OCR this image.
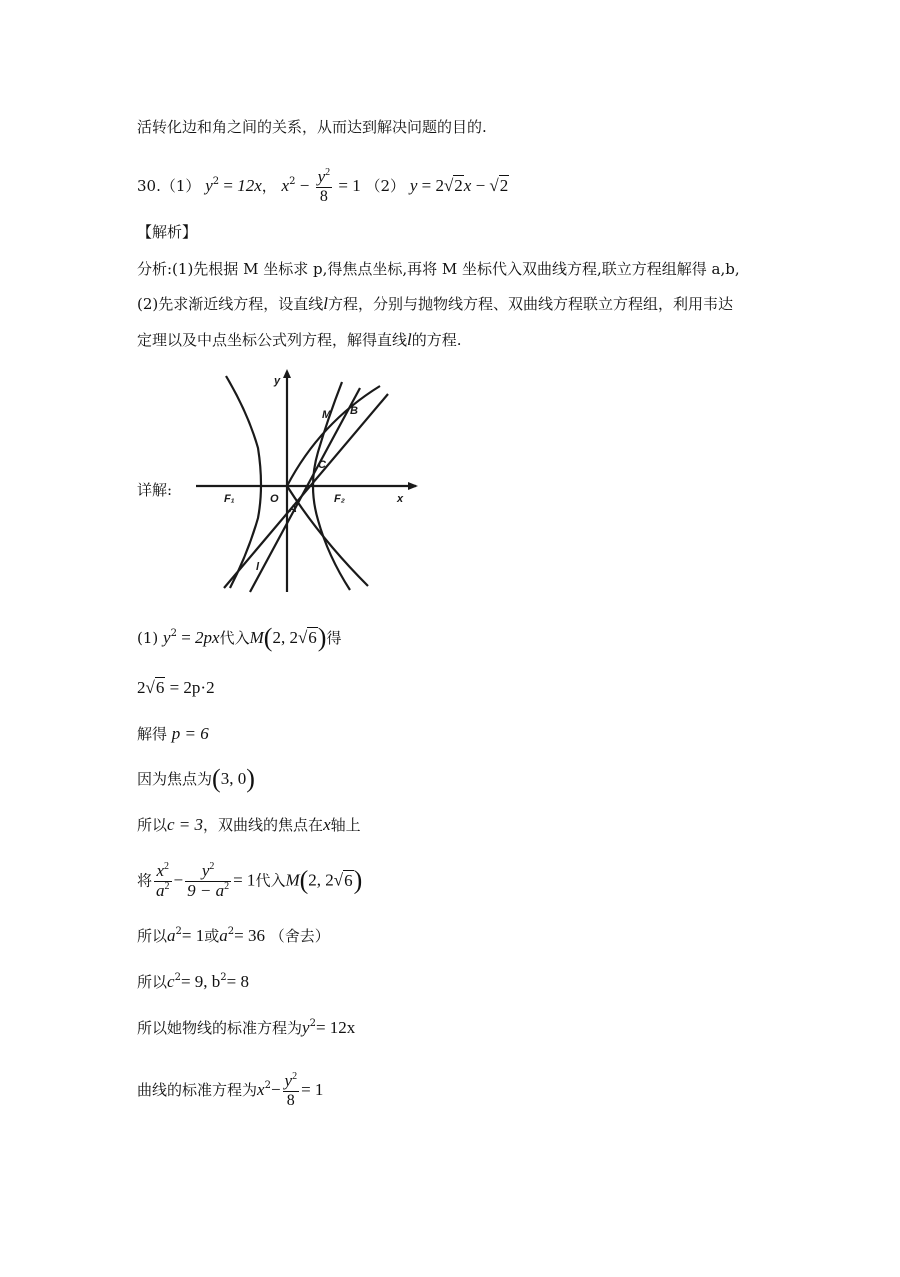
活转化边和角之间的关系，从而达到解决问题的目的.
30.（1） $y^2 = 12x$， $x^2 - \frac{y^2}{8} = 1$ （2） y = 2√2x − √2
【解析】
分析:(1)先根据 M 坐标求 p,得焦点坐标,再将 M 坐标代入双曲线方程,联立方程组解得 a,b,
(2)先求渐近线方程，设直线l方程，分别与抛物线方程、双曲线方程联立方程组，利用韦达
定理以及中点坐标公式列方程，解得直线l的方程.
详解:
y
x
M B
C
F₁	O
A
F₂
l
(1) $y^2 = 2px$代入M(2, 2√6)得
2√6 = 2p·2
解得 p = 6
因为焦点为(3, 0)
所以c = 3，双曲线的焦点在x轴上
将 $\frac{x^2}{a^2} - \frac{y^2}{9 - a^2} = 1$代入M(2, 2√6)
所以$a^2= 1$或$a^2= 36$ （舍去）
所以$c^2= 9$, $b^2= 8$
所以她物线的标准方程为$y^2= 12x$
曲线的标准方程为$x^2- \frac{y^2}{8} = 1$
